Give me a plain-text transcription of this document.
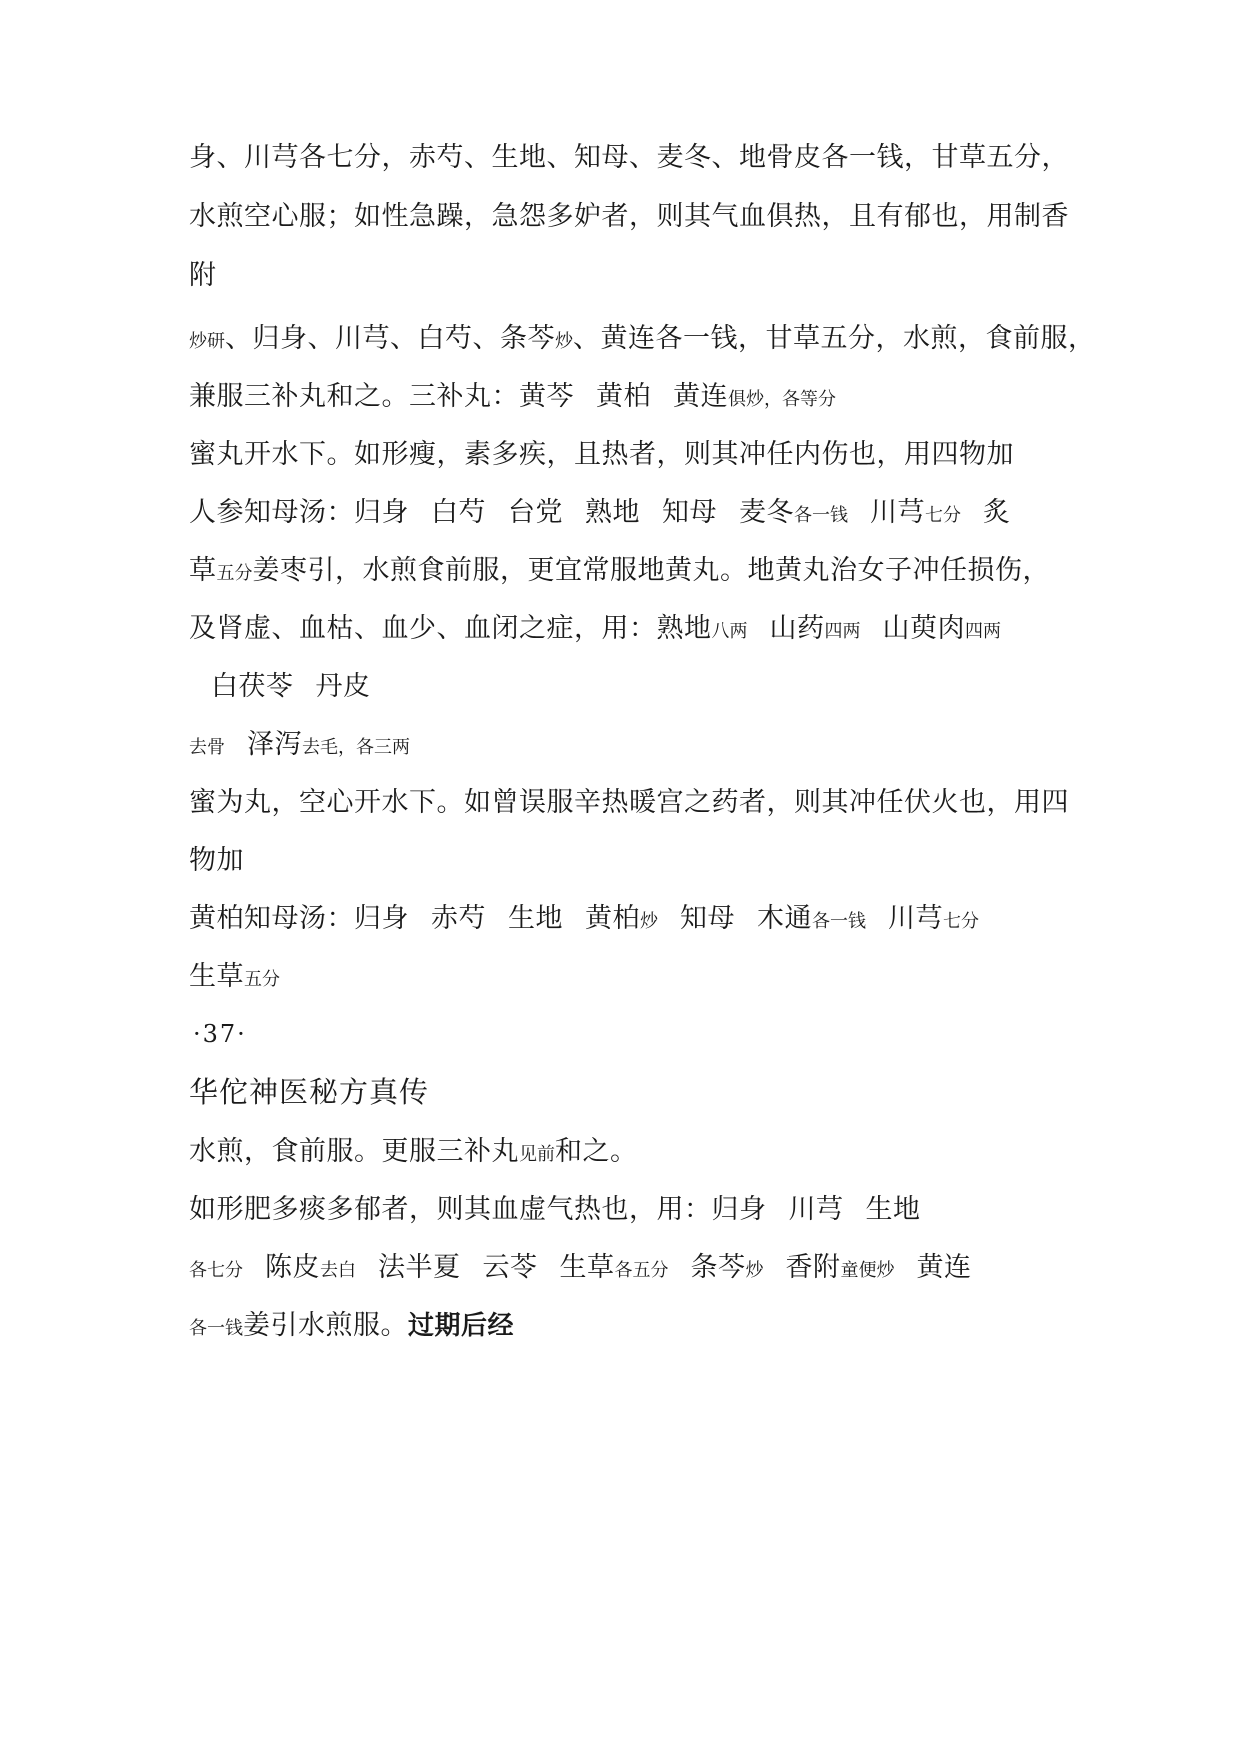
身、川芎各七分，赤芍、生地、知母、麦冬、地骨皮各一钱，甘草五分，
水煎空心服；如性急躁，急怨多妒者，则其气血俱热，且有郁也，用制香
附
炒研、归身、川芎、白芍、条芩炒、黄连各一钱，甘草五分，水煎，食前服，
兼服三补丸和之。三补丸：黄芩 黄柏 黄连俱炒，各等分
蜜丸开水下。如形瘦，素多疾，且热者，则其冲任内伤也，用四物加
人参知母汤：归身 白芍 台党 熟地 知母 麦冬各一钱 川芎七分 炙
草五分姜枣引，水煎食前服，更宜常服地黄丸。地黄丸治女子冲任损伤，
及肾虚、血枯、血少、血闭之症，用：熟地八两 山药四两 山萸肉四两
白茯苓 丹皮
去骨 泽泻去毛，各三两
蜜为丸，空心开水下。如曾误服辛热暖宫之药者，则其冲任伏火也，用四
物加
黄柏知母汤：归身 赤芍 生地 黄柏炒 知母 木通各一钱 川芎七分
生草五分
·37·
华佗神医秘方真传
水煎，食前服。更服三补丸见前和之。
如形肥多痰多郁者，则其血虚气热也，用：归身 川芎 生地
各七分 陈皮去白 法半夏 云苓 生草各五分 条芩炒 香附童便炒 黄连
各一钱姜引水煎服。过期后经
